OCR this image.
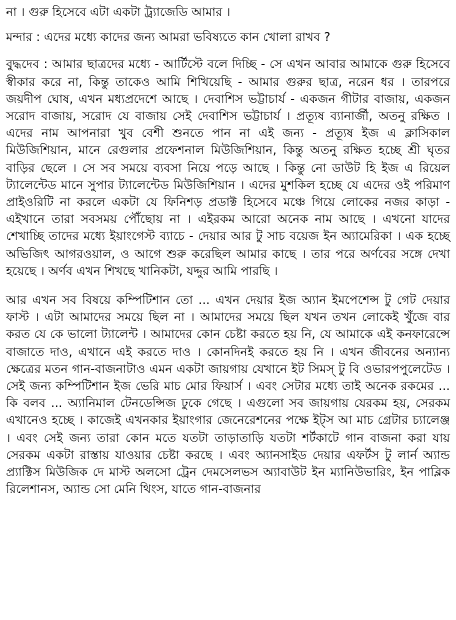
না । গুরু হিসেবে এটা একটা ট্র্যাজেডি আমার ।

মন্দার : এদের মধ্যে কাদের জন্য আমরা ভবিষ্যতে কান খোলা রাখব ?

বুদ্ধদেব : আমার ছাত্রদের মধ্যে - আর্টিস্টে বলে দিচ্ছি - সে এখন আবার আমাকে গুরু হিসেবে স্বীকার করে না, কিন্তু তাকেও আমি শিখিয়েছি - আমার গুরুর ছাত্র, নরেন ধর । তারপরে জয়দীপ ঘোষ, এখন মধ্যপ্রদেশে আছে । দেবাশিস ভট্টাচার্য - একজন গীটার বাজায়, একজন সরোদ বাজায়, সরোদ যে বাজায় সেই দেবাশিস ভট্টাচার্য । প্রত্যূষ ব্যানার্জী, অতনু রক্ষিত । এদের নাম আপনারা খুব বেশী শুনতে পান না এই জন্য - প্রত্যূষ ইজ এ ক্লাসিকাল মিউজিশিয়ান, মানে রেগুলার প্রফেশনাল মিউজিশিয়ান, কিন্তু অতনু রক্ষিত হচ্ছে শ্রী ঘৃতর বাড়ির ছেলে । সে সব সময়ে ব্যবসা নিয়ে পড়ে আছে । কিন্তু নো ডাউট হি ইজ এ রিয়েল ট্যালেন্টেড মানে সুপার ট্যালেন্টেড মিউজিশিয়ান । এদের মুশকিল হচ্ছে যে এদের ওই পরিমাণ প্রাইওরিটি না করলে একটা যে ফিনিশড় প্রডাক্ট হিসেবে মঞ্চে গিয়ে লোকের নজর কাড়া - এইখানে তারা সবসময় পৌঁছোয় না । এইরকম আরো অনেক নাম আছে । এখনো যাদের শেখাচ্ছি তাদের মধ্যে ইয়াংগেস্ট ব্যাচে - দেয়ার আর টু সাচ বয়েজ ইন অ্যামেরিকা । এক হচ্ছে অভিজিৎ আগরওয়াল, ও আগে শুরু করেছিল আমার কাছে । তার পরে অর্ণবের সঙ্গে দেখা হয়েছে । অর্ণব এখন শিখছে খানিকটা, যদ্দুর আমি পারছি ।

আর এখন সব বিষয়ে কম্পিটিশান তো ... এখন দেয়ার ইজ অ্যান ইমপেশেন্স টু গেট দেয়ার ফাস্ট । এটা আমাদের সময়ে ছিল না । আমাদের সময়ে ছিল যখন তখন লোকেই খুঁজে বার করত যে কে ভালো ট্যালেন্ট । আমাদের কোন চেষ্টা করতে হয় নি, যে আমাকে এই কনফারেন্সে বাজাতে দাও, এখানে এই করতে দাও । কোনদিনই করতে হয় নি । এখন জীবনের অন্যান্য ক্ষেত্রের মতন গান-বাজনাটাও এমন একটা জায়গায় যেখানে ইট সিমস্ টু বি ওভারপপুলেটেড । সেই জন্য কম্পিটিশান ইজ ভেরি মাচ মোর ফিয়ার্স । এবং সেটার মধ্যে তাই অনেক রকমের ... কি বলব ... অ্যানিমাল টেনডেন্সিজ ঢুকে গেছে । এগুলো সব জায়গায় যেরকম হয়, সেরকম এখানেও হচ্ছে । কাজেই এখনকার ইয়াংগার জেনেরেশনের পক্ষে ইট্স আ মাচ গ্রেটার চ্যালেঞ্জ । এবং সেই জন্য তারা কোন মতে যতটা তাড়াতাড়ি যতটা শর্টকাটে গান বাজনা করা যায় সেরকম একটা রাস্তায় যাওয়ার চেষ্টা করছে । এবং অ্যানসাইড দেয়ার এফর্টস টু লার্ন অ্যান্ড প্র্যাক্টিস মিউজিক দে মাস্ট অলসো ট্রেন দেমসেলভস অ্যাবাউট ইন ম্যানিউভারিং, ইন পাব্লিক রিলেশানস, অ্যান্ড সো মেনি থিংস, যাতে গান-বাজনার
